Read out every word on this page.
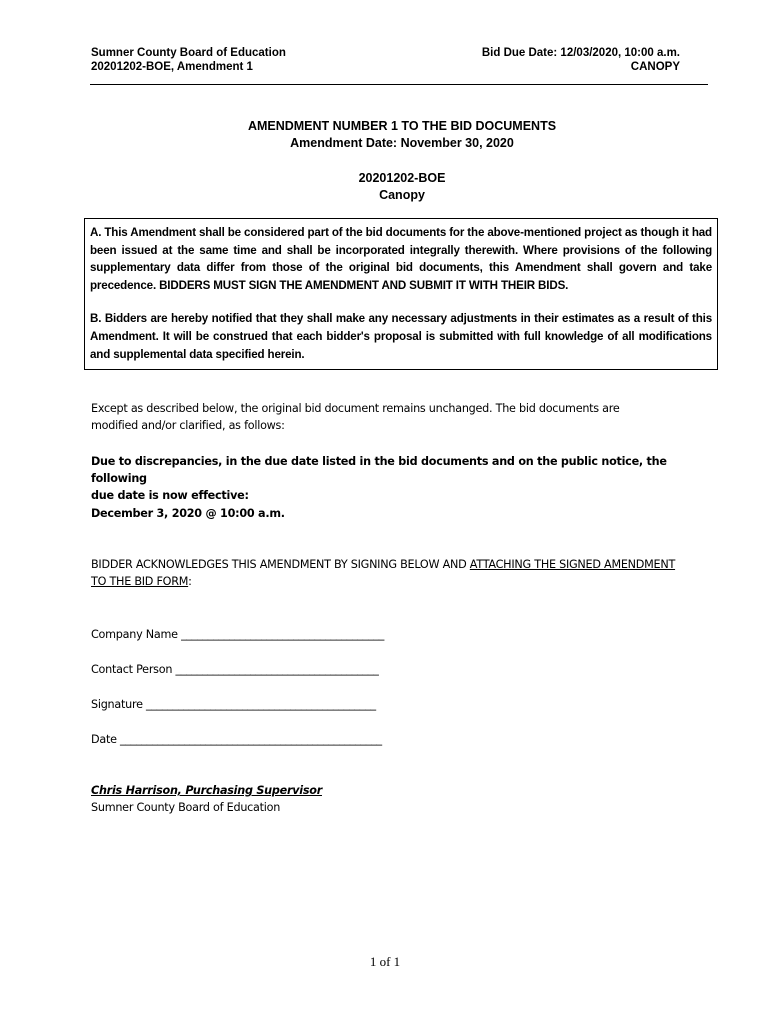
Sumner County Board of Education
20201202-BOE, Amendment 1
Bid Due Date: 12/03/2020, 10:00 a.m.
CANOPY
AMENDMENT NUMBER 1 TO THE BID DOCUMENTS
Amendment Date: November 30, 2020
20201202-BOE
Canopy

A. This Amendment shall be considered part of the bid documents for the above-mentioned project as though it had been issued at the same time and shall be incorporated integrally therewith. Where provisions of the following supplementary data differ from those of the original bid documents, this Amendment shall govern and take precedence. BIDDERS MUST SIGN THE AMENDMENT AND SUBMIT IT WITH THEIR BIDS.

B. Bidders are hereby notified that they shall make any necessary adjustments in their estimates as a result of this Amendment. It will be construed that each bidder's proposal is submitted with full knowledge of all modifications and supplemental data specified herein.

Except as described below, the original bid document remains unchanged. The bid documents are
modified and/or clarified, as follows:
Due to discrepancies, in the due date listed in the bid documents and on the public notice, the following
due date is now effective:
December 3, 2020 @ 10:00 a.m.
BIDDER ACKNOWLEDGES THIS AMENDMENT BY SIGNING BELOW AND ATTACHING THE SIGNED AMENDMENT
TO THE BID FORM:
Company Name ______________________________________
Contact Person ______________________________________
Signature ___________________________________________
Date _________________________________________________
Chris Harrison, Purchasing Supervisor
Sumner County Board of Education
1 of 1
